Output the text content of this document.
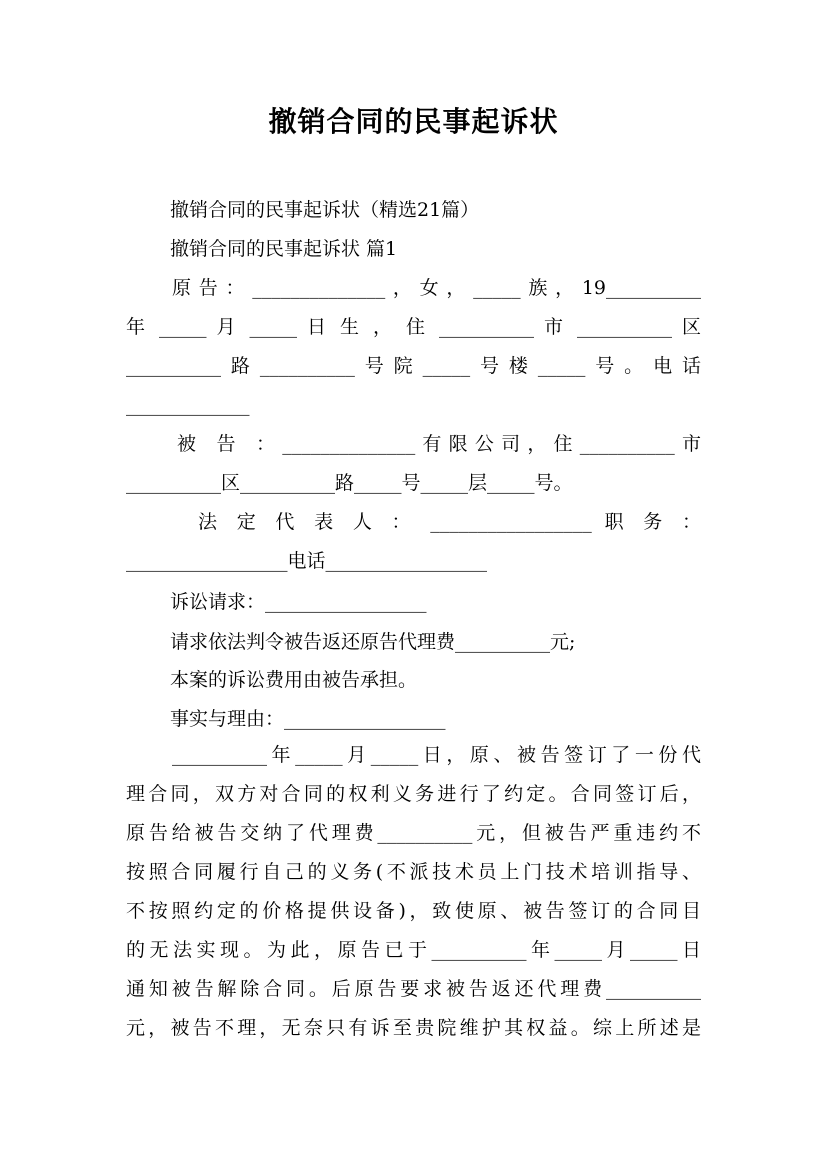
撤销合同的民事起诉状
撤销合同的民事起诉状（精选21篇）
撤销合同的民事起诉状 篇1
原告：______________，女，_____族，19__________
年 _____ 月 _____ 日 生 ， 住 __________ 市 __________ 区
__________路__________号院_____号楼_____号。电话
_____________
被 告 ：______________有限公司，住__________市
__________区__________路_____号_____层_____号。
法 定 代 表 人 ： _________________ 职 务 ：
_________________电话_________________
诉讼请求：_________________
请求依法判令被告返还原告代理费__________元;
本案的诉讼费用由被告承担。
事实与理由：_________________
__________年_____月_____日，原、被告签订了一份代
理合同，双方对合同的权利义务进行了约定。合同签订后，
原告给被告交纳了代理费__________元，但被告严重违约不
按照合同履行自己的义务(不派技术员上门技术培训指导、
不按照约定的价格提供设备)，致使原、被告签订的合同目
的无法实现。为此，原告已于__________年_____月_____日
通知被告解除合同。后原告要求被告返还代理费__________
元，被告不理，无奈只有诉至贵院维护其权益。综上所述是
